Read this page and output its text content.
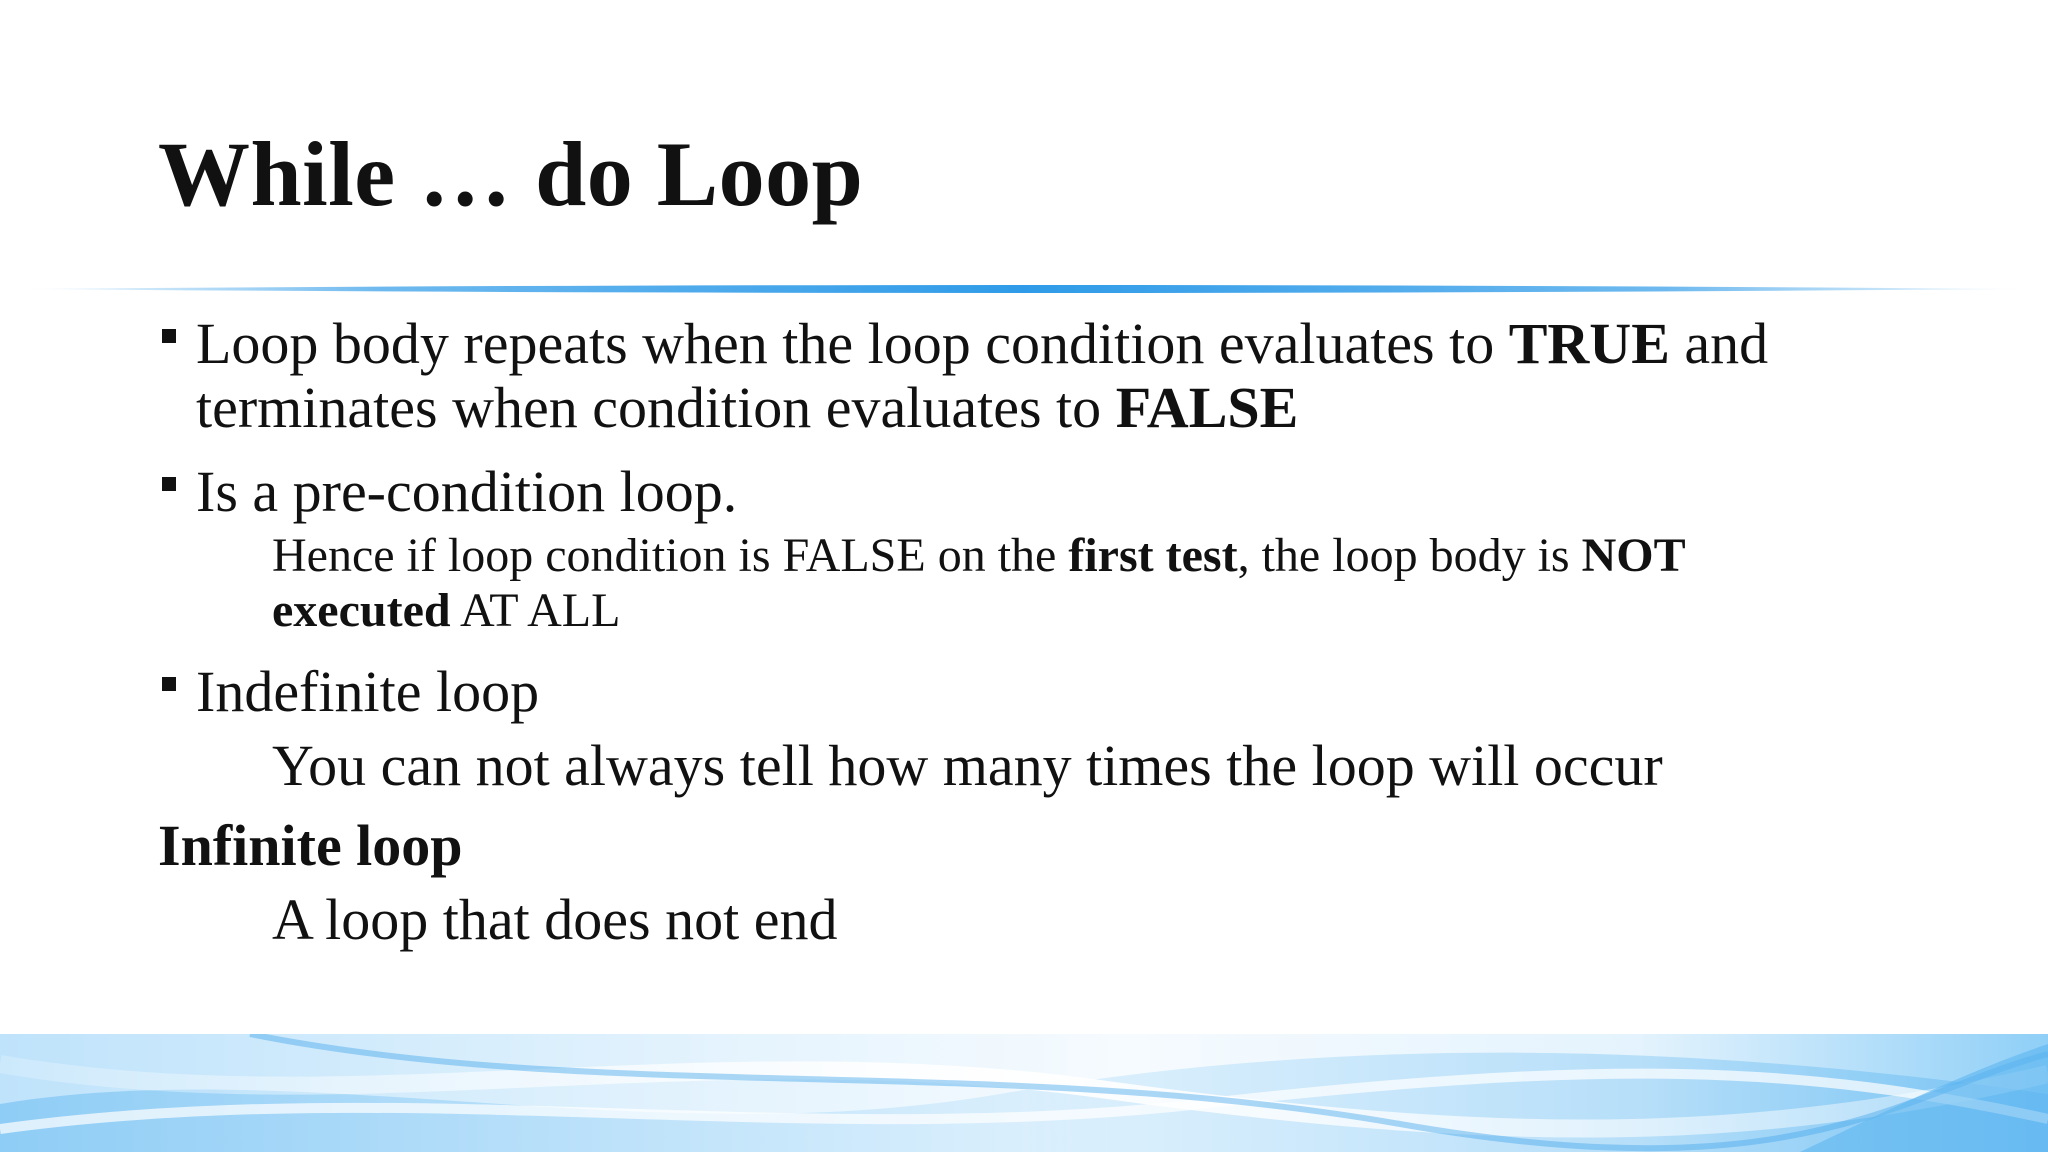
While … do Loop
Loop body repeats when the loop condition evaluates to TRUE and
terminates when condition evaluates to FALSE
Is a pre-condition loop.
Hence if loop condition is FALSE on the first test, the loop body is NOT
executed AT ALL
Indefinite loop
You can not always tell how many times the loop will occur
Infinite loop
A loop that does not end
